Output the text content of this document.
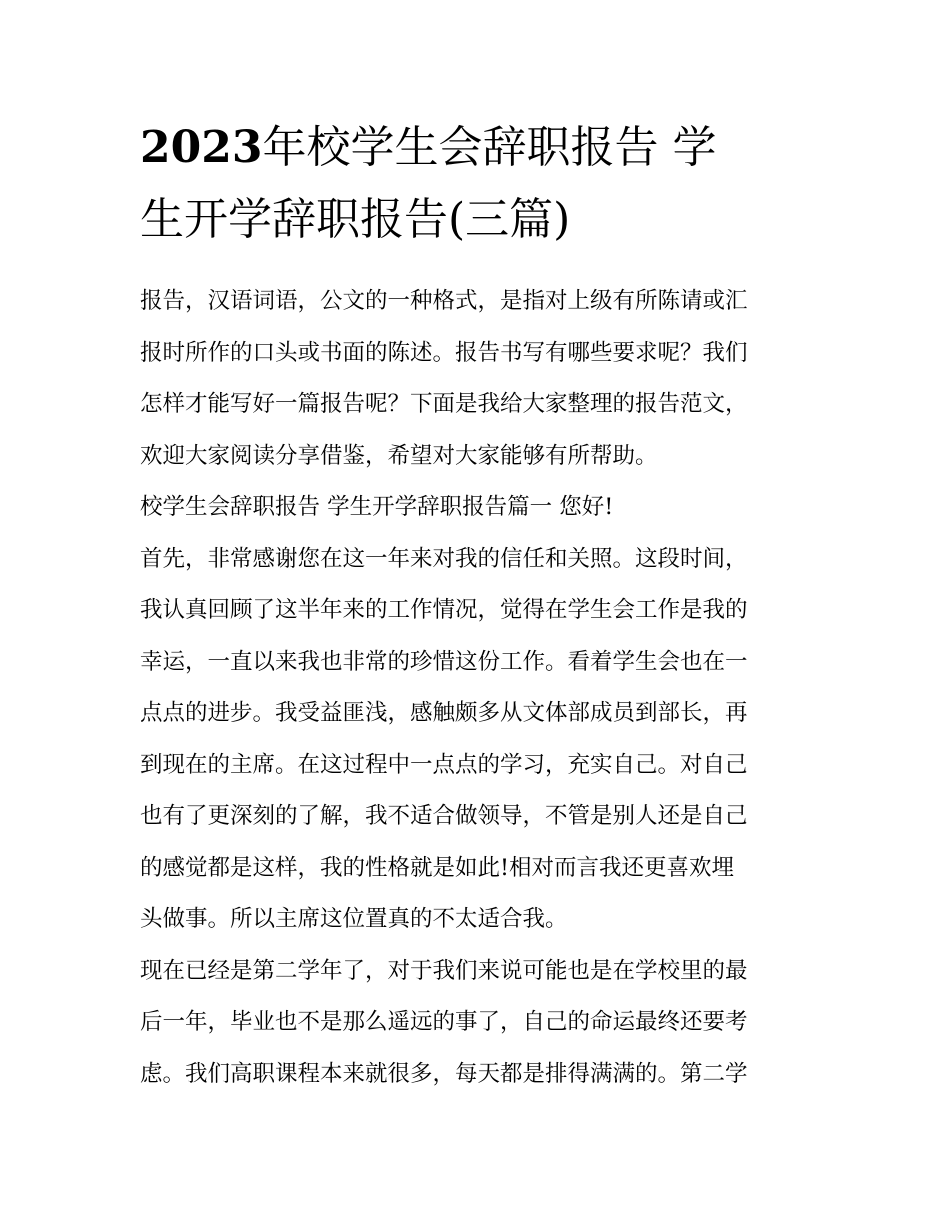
2023年校学生会辞职报告 学
生开学辞职报告(三篇)
报告，汉语词语，公文的一种格式，是指对上级有所陈请或汇
报时所作的口头或书面的陈述。报告书写有哪些要求呢？我们
怎样才能写好一篇报告呢？下面是我给大家整理的报告范文，
欢迎大家阅读分享借鉴，希望对大家能够有所帮助。
校学生会辞职报告 学生开学辞职报告篇一 您好!
首先，非常感谢您在这一年来对我的信任和关照。这段时间，
我认真回顾了这半年来的工作情况，觉得在学生会工作是我的
幸运，一直以来我也非常的珍惜这份工作。看着学生会也在一
点点的进步。我受益匪浅，感触颇多从文体部成员到部长，再
到现在的主席。在这过程中一点点的学习，充实自己。对自己
也有了更深刻的了解，我不适合做领导，不管是别人还是自己
的感觉都是这样，我的性格就是如此!相对而言我还更喜欢埋
头做事。所以主席这位置真的不太适合我。
现在已经是第二学年了，对于我们来说可能也是在学校里的最
后一年，毕业也不是那么遥远的事了，自己的命运最终还要考
虑。我们高职课程本来就很多，每天都是排得满满的。第二学
